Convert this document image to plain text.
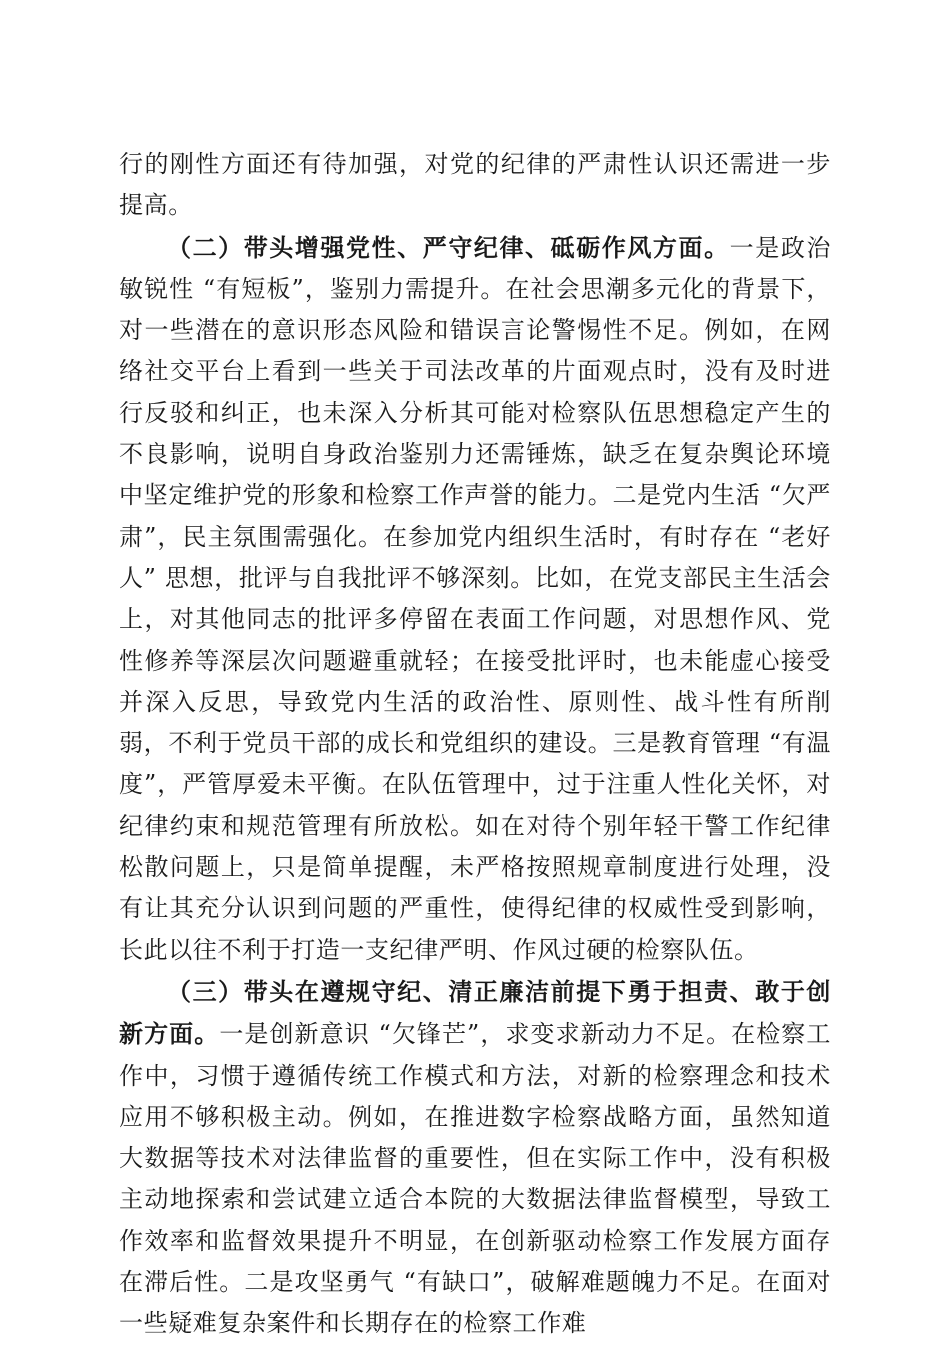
行的刚性方面还有待加强，对党的纪律的严肃性认识还需进一步提高。

（二）带头增强党性、严守纪律、砥砺作风方面。一是政治敏锐性 “有短板”，鉴别力需提升。在社会思潮多元化的背景下，对一些潜在的意识形态风险和错误言论警惕性不足。例如，在网络社交平台上看到一些关于司法改革的片面观点时，没有及时进行反驳和纠正，也未深入分析其可能对检察队伍思想稳定产生的不良影响，说明自身政治鉴别力还需锤炼，缺乏在复杂舆论环境中坚定维护党的形象和检察工作声誉的能力。二是党内生活 “欠严肃”，民主氛围需强化。在参加党内组织生活时，有时存在 “老好人” 思想，批评与自我批评不够深刻。比如，在党支部民主生活会上，对其他同志的批评多停留在表面工作问题，对思想作风、党性修养等深层次问题避重就轻；在接受批评时，也未能虚心接受并深入反思，导致党内生活的政治性、原则性、战斗性有所削弱，不利于党员干部的成长和党组织的建设。三是教育管理 “有温度”，严管厚爱未平衡。在队伍管理中，过于注重人性化关怀，对纪律约束和规范管理有所放松。如在对待个别年轻干警工作纪律松散问题上，只是简单提醒，未严格按照规章制度进行处理，没有让其充分认识到问题的严重性，使得纪律的权威性受到影响，长此以往不利于打造一支纪律严明、作风过硬的检察队伍。

（三）带头在遵规守纪、清正廉洁前提下勇于担责、敢于创新方面。一是创新意识 “欠锋芒”，求变求新动力不足。在检察工作中，习惯于遵循传统工作模式和方法，对新的检察理念和技术应用不够积极主动。例如，在推进数字检察战略方面，虽然知道大数据等技术对法律监督的重要性，但在实际工作中，没有积极主动地探索和尝试建立适合本院的大数据法律监督模型，导致工作效率和监督效果提升不明显，在创新驱动检察工作发展方面存在滞后性。二是攻坚勇气 “有缺口”，破解难题魄力不足。在面对一些疑难复杂案件和长期存在的检察工作难
